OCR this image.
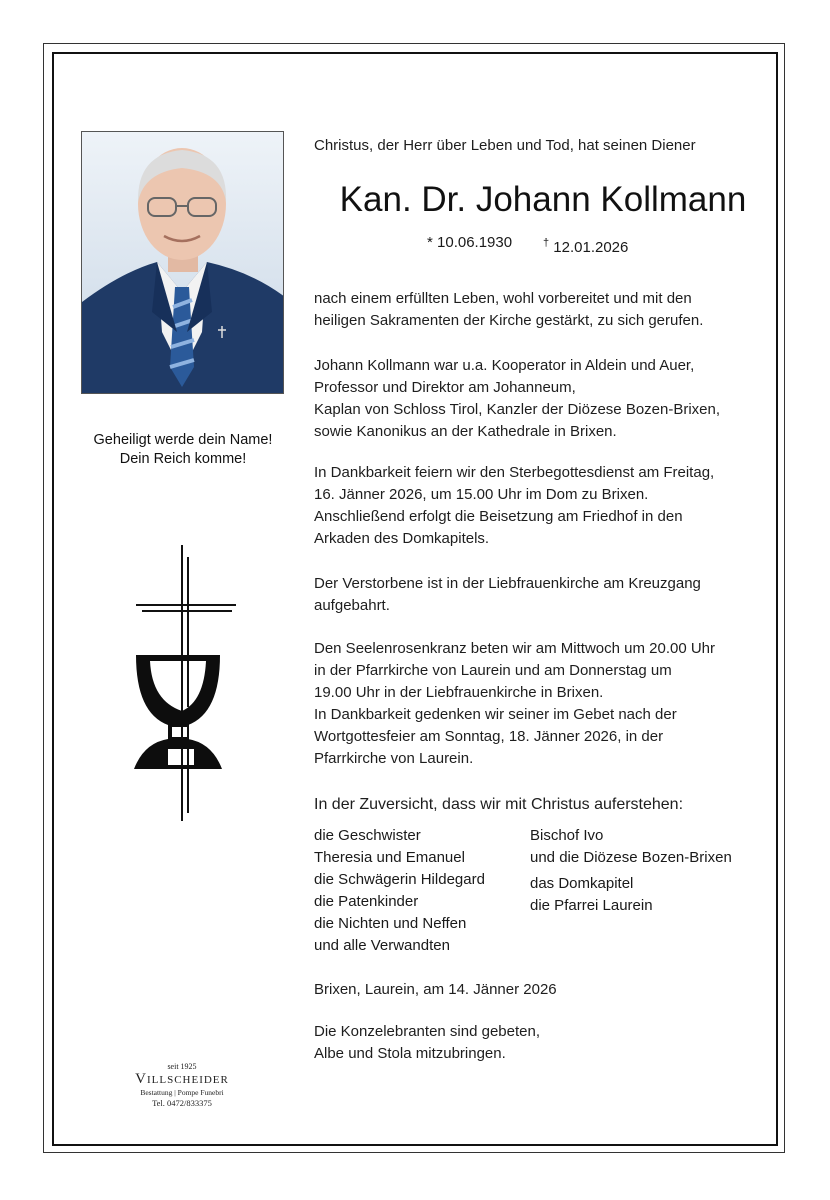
Geheiligt werde dein Name!
Dein Reich komme!
seit 1925
Villscheider
Bestattung | Pompe Funebri
Tel. 0472/833375
Christus, der Herr über Leben und Tod, hat seinen Diener
Kan. Dr. Johann Kollmann
* 10.06.1930	† 12.01.2026
nach einem erfüllten Leben, wohl vorbereitet und mit den
heiligen Sakramenten der Kirche gestärkt, zu sich gerufen.
Johann Kollmann war u.a. Kooperator in Aldein und Auer,
Professor und Direktor am Johanneum,
Kaplan von Schloss Tirol, Kanzler der Diözese Bozen-Brixen,
sowie Kanonikus an der Kathedrale in Brixen.
In Dankbarkeit feiern wir den Sterbegottesdienst am Freitag,
16. Jänner 2026, um 15.00 Uhr im Dom zu Brixen.
Anschließend erfolgt die Beisetzung am Friedhof in den
Arkaden des Domkapitels.
Der Verstorbene ist in der Liebfrauenkirche am Kreuzgang
aufgebahrt.
Den Seelenrosenkranz beten wir am Mittwoch um 20.00 Uhr
in der Pfarrkirche von Laurein und am Donnerstag um
19.00 Uhr in der Liebfrauenkirche in Brixen.
In Dankbarkeit gedenken wir seiner im Gebet nach der
Wortgottesfeier am Sonntag, 18. Jänner 2026, in der
Pfarrkirche von Laurein.
In der Zuversicht, dass wir mit Christus auferstehen:
die Geschwister
Theresia und Emanuel
die Schwägerin Hildegard
die Patenkinder
die Nichten und Neffen
und alle Verwandten
Bischof Ivo
und die Diözese Bozen-Brixen
das Domkapitel
die Pfarrei Laurein
Brixen, Laurein, am 14. Jänner 2026
Die Konzelebranten sind gebeten,
Albe und Stola mitzubringen.
